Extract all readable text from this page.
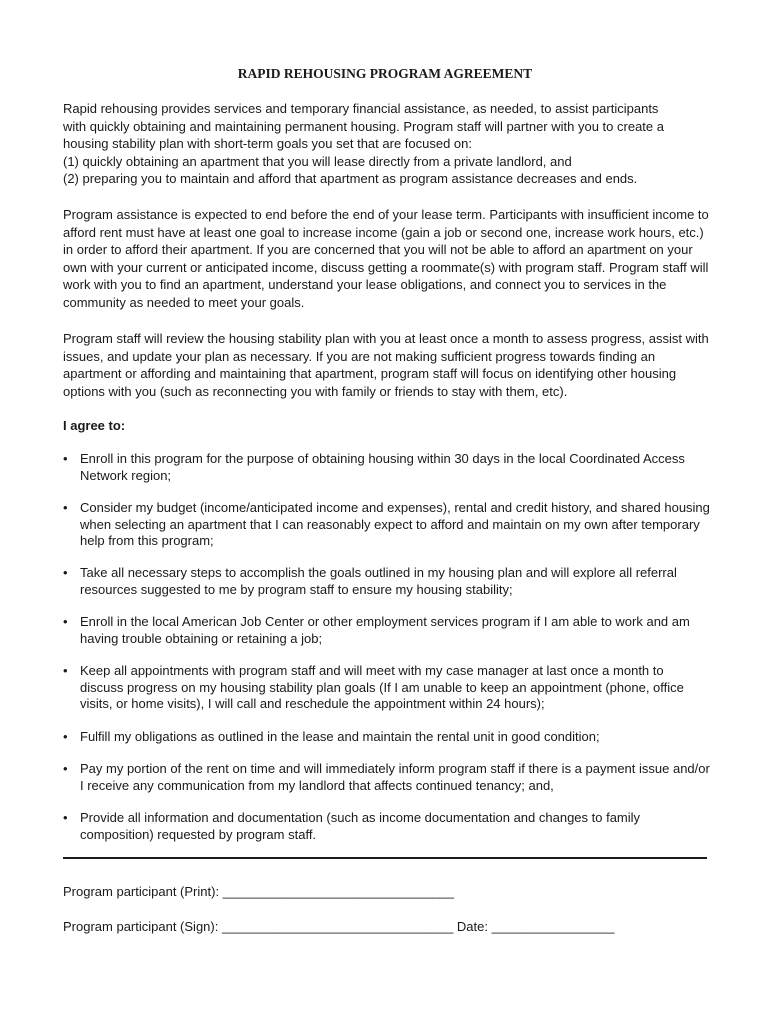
RAPID REHOUSING PROGRAM AGREEMENT

Rapid rehousing provides services and temporary financial assistance, as needed, to assist participants
with quickly obtaining and maintaining permanent housing. Program staff will partner with you to create a
housing stability plan with short-term goals you set that are focused on:
(1) quickly obtaining an apartment that you will lease directly from a private landlord, and
(2) preparing you to maintain and afford that apartment as program assistance decreases and ends.

Program assistance is expected to end before the end of your lease term. Participants with insufficient income to afford rent must have at least one goal to increase income (gain a job or second one, increase work hours, etc.) in order to afford their apartment. If you are concerned that you will not be able to afford an apartment on your own with your current or anticipated income, discuss getting a roommate(s) with program staff. Program staff will work with you to find an apartment, understand your lease obligations, and connect you to services in the community as needed to meet your goals.

Program staff will review the housing stability plan with you at least once a month to assess progress, assist with issues, and update your plan as necessary. If you are not making sufficient progress towards finding an apartment or affording and maintaining that apartment, program staff will focus on identifying other housing options with you (such as reconnecting you with family or friends to stay with them, etc).

I agree to:

• Enroll in this program for the purpose of obtaining housing within 30 days in the local Coordinated Access Network region;
• Consider my budget (income/anticipated income and expenses), rental and credit history, and shared housing when selecting an apartment that I can reasonably expect to afford and maintain on my own after temporary help from this program;
• Take all necessary steps to accomplish the goals outlined in my housing plan and will explore all referral resources suggested to me by program staff to ensure my housing stability;
• Enroll in the local American Job Center or other employment services program if I am able to work and am having trouble obtaining or retaining a job;
• Keep all appointments with program staff and will meet with my case manager at last once a month to discuss progress on my housing stability plan goals (If I am unable to keep an appointment (phone, office visits, or home visits), I will call and reschedule the appointment within 24 hours);
• Fulfill my obligations as outlined in the lease and maintain the rental unit in good condition;
• Pay my portion of the rent on time and will immediately inform program staff if there is a payment issue and/or I receive any communication from my landlord that affects continued tenancy; and,
• Provide all information and documentation (such as income documentation and changes to family composition) requested by program staff.

Program participant (Print): ________________________________

Program participant (Sign): ________________________________ Date: _________________
